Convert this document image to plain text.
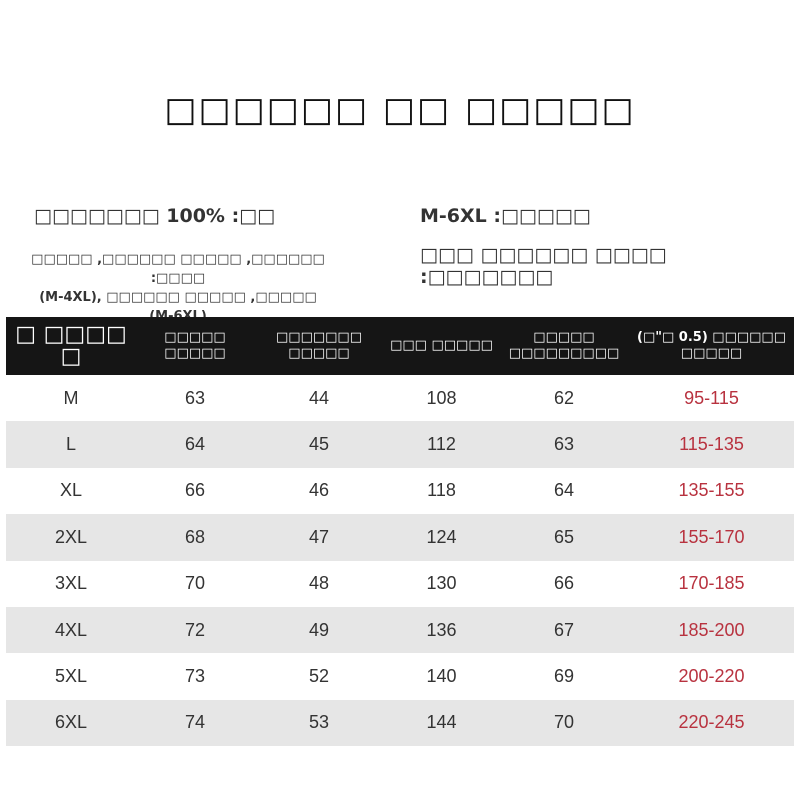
□□□□□□ □□ □□□□□
□□□□□□□ 100% :□□
□□□□□ ,□□□□□□ □□□□□ ,□□□□□□ :□□□□
(M-4XL), □□□□□□ □□□□□ ,□□□□□ (M-6XL)
M-6XL :□□□□□
□□□ □□□□□□ □□□□ :□□□□□□□
□ □□□□ □	□□□□□ □□□□□	□□□□□□□ □□□□□	□□□ □□□□□	□□□□□ □□□□□□□□□	(□"□ 0.5) □□□□□□ □□□□□
M	63	44	108	62	95-115
L	64	45	112	63	115-135
XL	66	46	118	64	135-155
2XL	68	47	124	65	155-170
3XL	70	48	130	66	170-185
4XL	72	49	136	67	185-200
5XL	73	52	140	69	200-220
6XL	74	53	144	70	220-245
